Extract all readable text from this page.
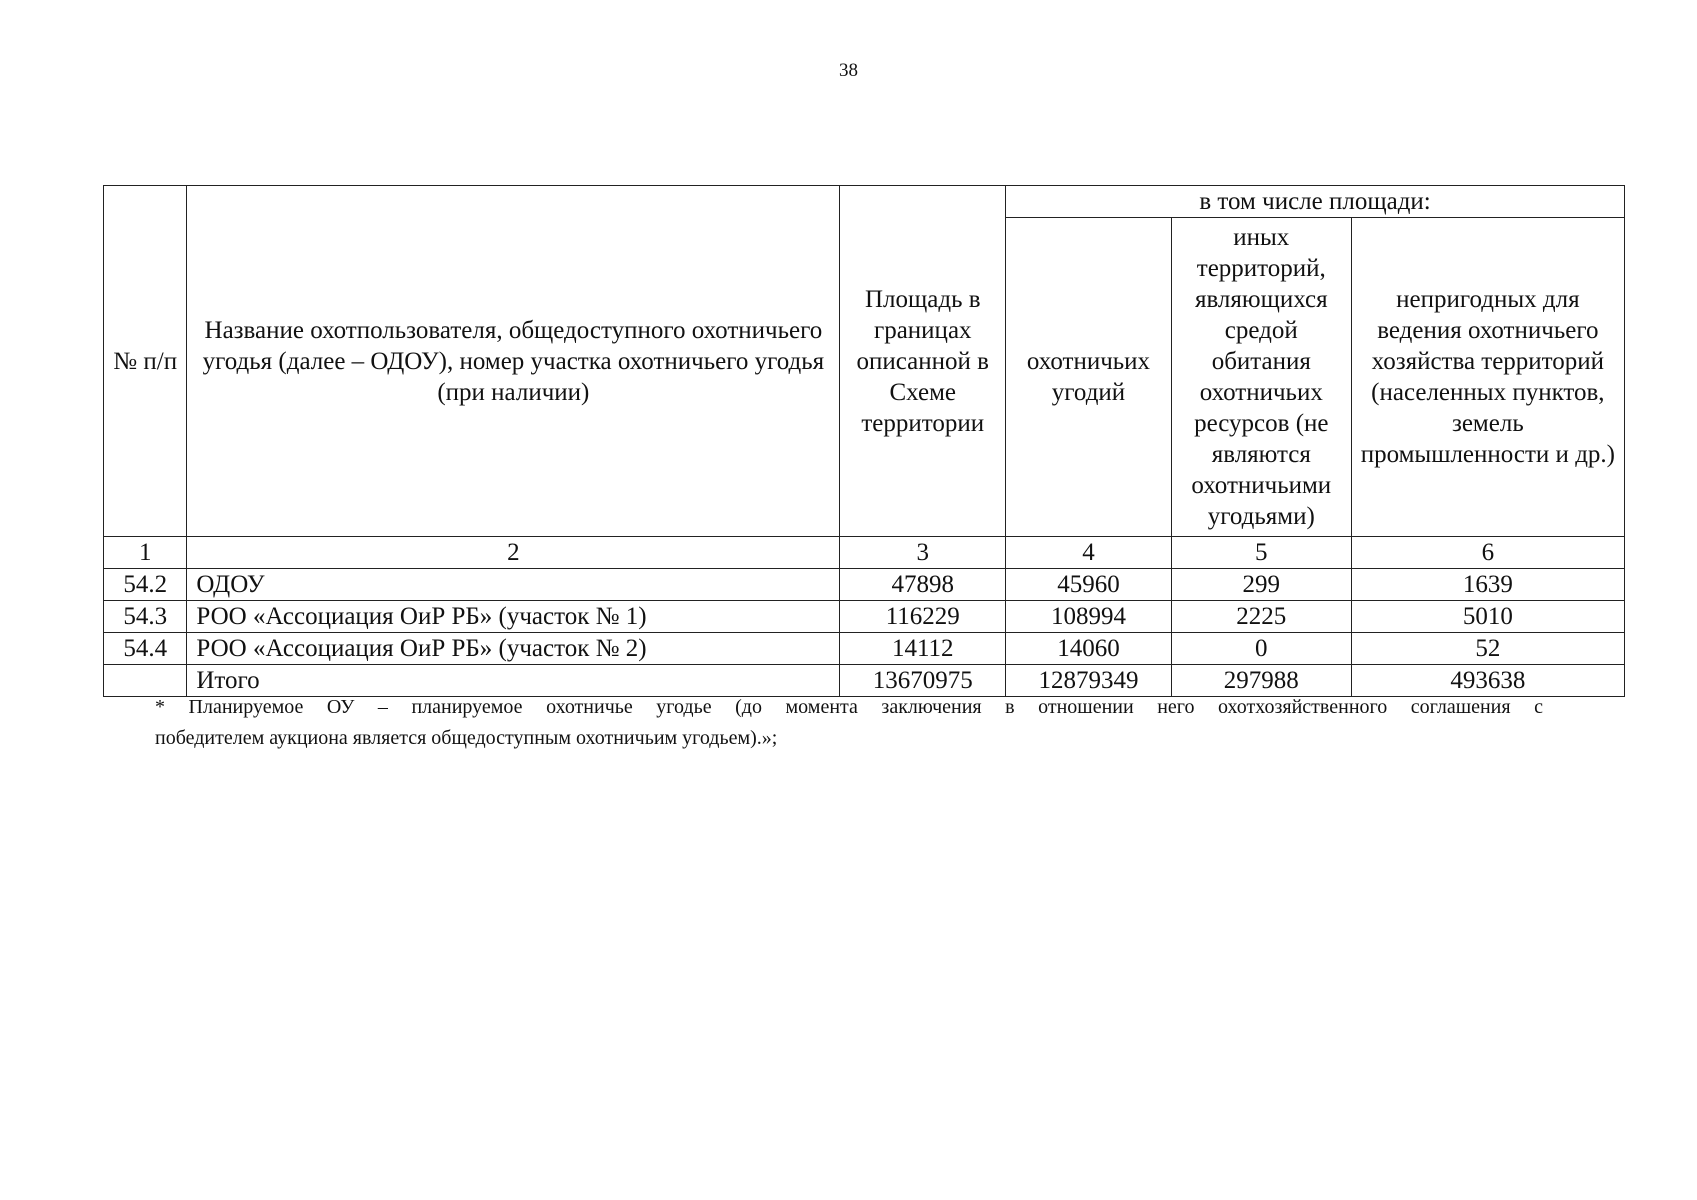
38
№ п/п	Название охотпользователя, общедоступного охотничьего угодья (далее – ОДОУ), номер участка охотничьего угодья (при наличии)	Площадь в границах описанной в Схеме территории	в том числе площади:		
			охотничьих угодий	иных территорий, являющихся средой обитания охотничьих ресурсов (не являются охотничьими угодьями)	непригодных для ведения охотничьего хозяйства территорий (населенных пунктов, земель промышленности и др.)
1	2	3	4	5	6
54.2	ОДОУ	47898	45960	299	1639
54.3	РОО «Ассоциация ОиР РБ» (участок № 1)	116229	108994	2225	5010
54.4	РОО «Ассоциация ОиР РБ» (участок № 2)	14112	14060	0	52
	Итого	13670975	12879349	297988	493638
* Планируемое ОУ – планируемое охотничье угодье (до момента заключения в отношении него охотхозяйственного соглашения с
победителем аукциона является общедоступным охотничьим угодьем).»;
